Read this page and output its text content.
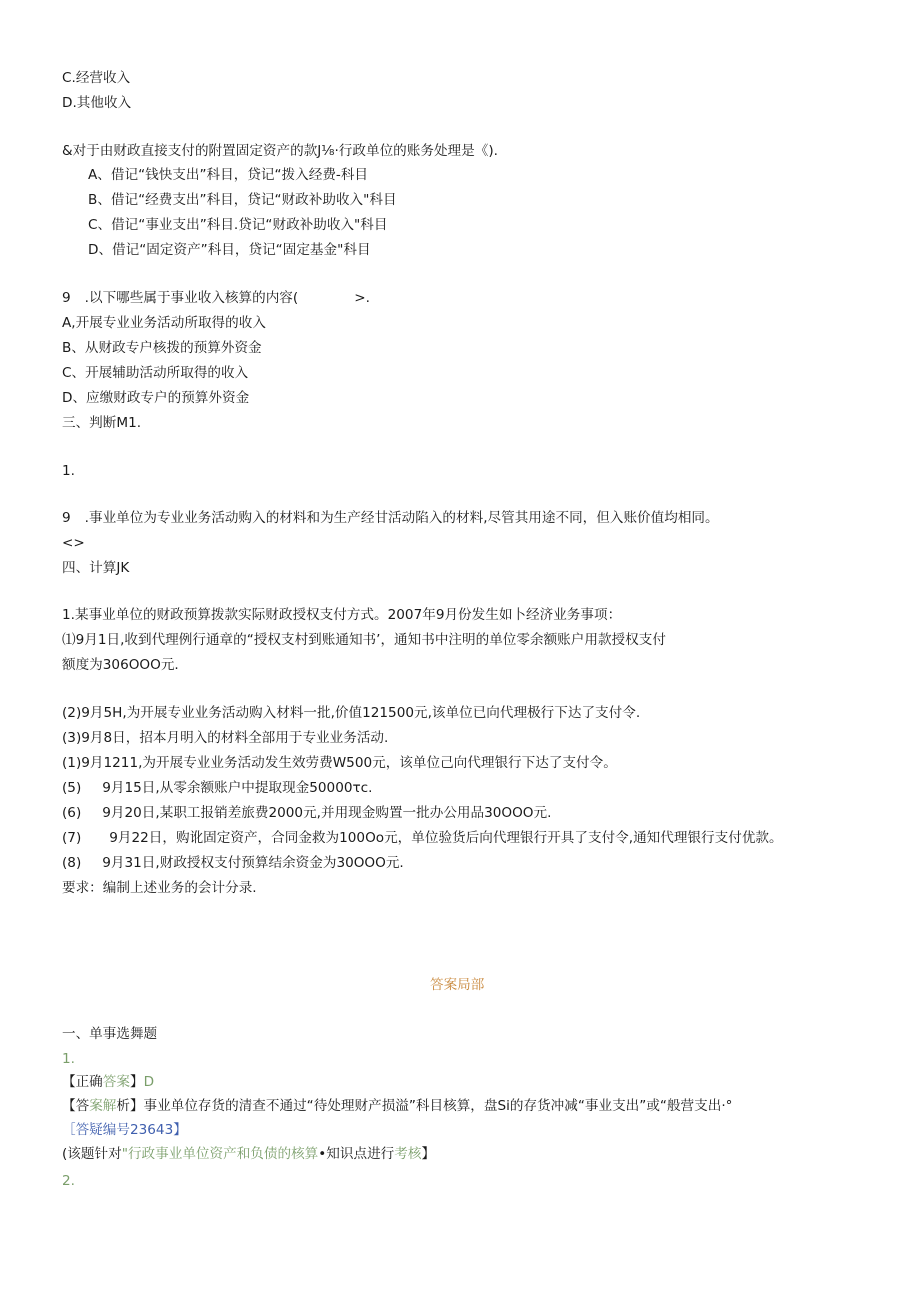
C.经营收入
D.其他收入
&对于由财政直接支付的附置固定资产的款J⅛·行政单位的账务处理是《).
A、借记“钱快支出”科目，贷记“拨入经费-科目
B、借记“经费支出”科目，贷记“财政补助收入"科目
C、借记“事业支出”科目.贷记“财政补助收入"科目
D、借记“固定资产”科目，贷记“固定基金"科目
9 .以下哪些属于事业收入核算的内容(	>.
A,开展专业业务活动所取得的收入
B、从财政专户核拨的预算外资金
C、开展辅助活动所取得的收入
D、应缴财政专户的预算外资金
三、判断M1.
1.
9 .事业单位为专业业务活动购入的材料和为生产经甘活动陷入的材料,尽管其用途不同，但入账价值均相同。
<>
四、计算JK
1.某事业单位的财政预算拨款实际财政授权支付方式。2007年9月份发生如卜经济业务事项：
⑴9月1日,收到代理例行通章的“授权支村到账通知书’，通知书中注明的单位零余额账户用款授权支付
额度为306OOO元.
(2)9月5H,为开展专业业务活动购入材料一批,价值121500元,该单位已向代理极行下达了支付令.
(3)9月8日，招本月明入的材料全部用于专业业务活动.
(1)9月1211,为开展专业业务活动发生效劳费W500元，该单位己向代理银行下达了支付令。
(5) 9月15日,从零余额账户中提取现金50000τc.
(6) 9月20日,某职工报销差旅费2000元,并用现金购置一批办公用品30OOO元.
(7) 9月22日，购讹固定资产，合同金救为100Oo元，单位验货后向代理银行开具了支付令,通知代理银行支付优款。
(8) 9月31日,财政授权支付预算结余资金为30OOO元.
要求：编制上述业务的会计分录.
答案局部
一、单事选舞题
1.
【正确答案】D
【答案解析】事业单位存货的清查不通过“待处理财产损溢”科目核算，盘Si的存货冲减“事业支出”或“般营支出·°
［答疑编号23643】
(该题针对"行政事业单位资产和负债的核算•知识点进行考核】
2.
